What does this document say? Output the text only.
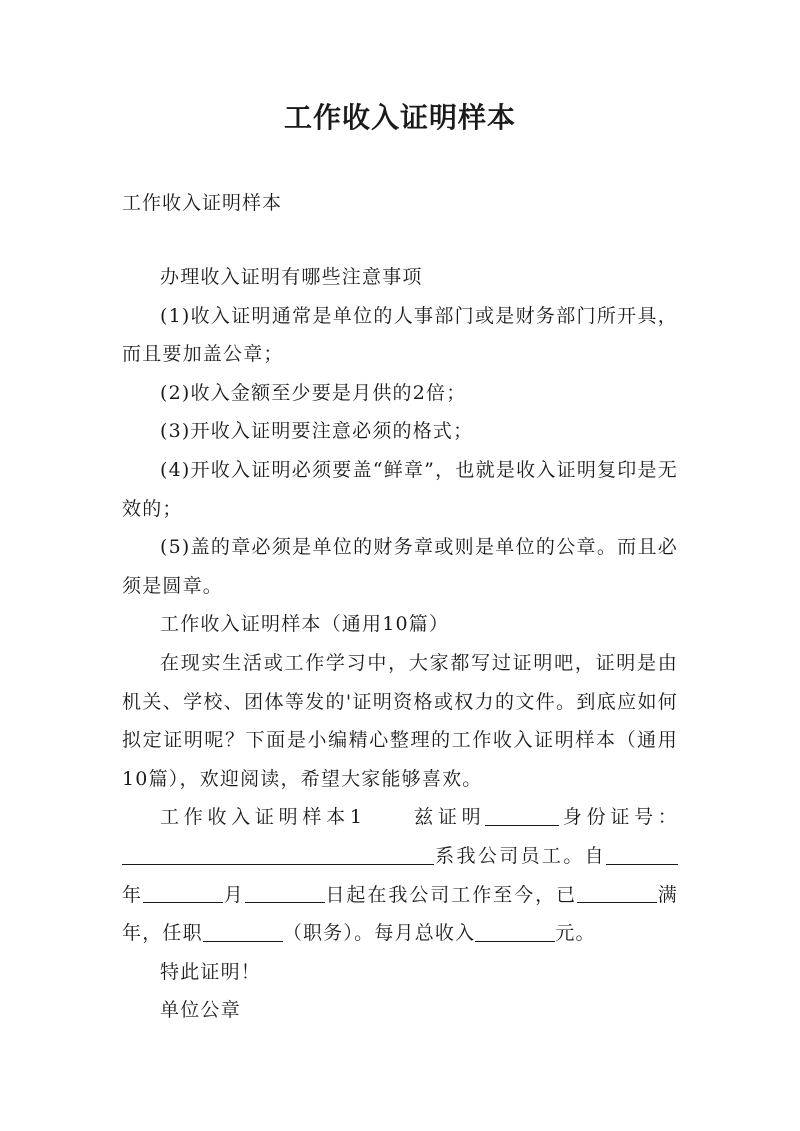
工作收入证明样本
工作收入证明样本

办理收入证明有哪些注意事项

(1)收入证明通常是单位的人事部门或是财务部门所开具，而且要加盖公章；

(2)收入金额至少要是月供的2倍；

(3)开收入证明要注意必须的格式；

(4)开收入证明必须要盖“鲜章”，也就是收入证明复印是无效的；

(5)盖的章必须是单位的财务章或则是单位的公章。而且必须是圆章。

工作收入证明样本（通用10篇）

在现实生活或工作学习中，大家都写过证明吧，证明是由机关、学校、团体等发的'证明资格或权力的文件。到底应如何拟定证明呢？下面是小编精心整理的工作收入证明样本（通用10篇），欢迎阅读，希望大家能够喜欢。

工作收入证明样本1　　	兹证明	身份证号：系我公司员工。自年	月	日起在我公司工作至今，已	满年，任职	（职务）。每月总收入	元。

特此证明！

单位公章
